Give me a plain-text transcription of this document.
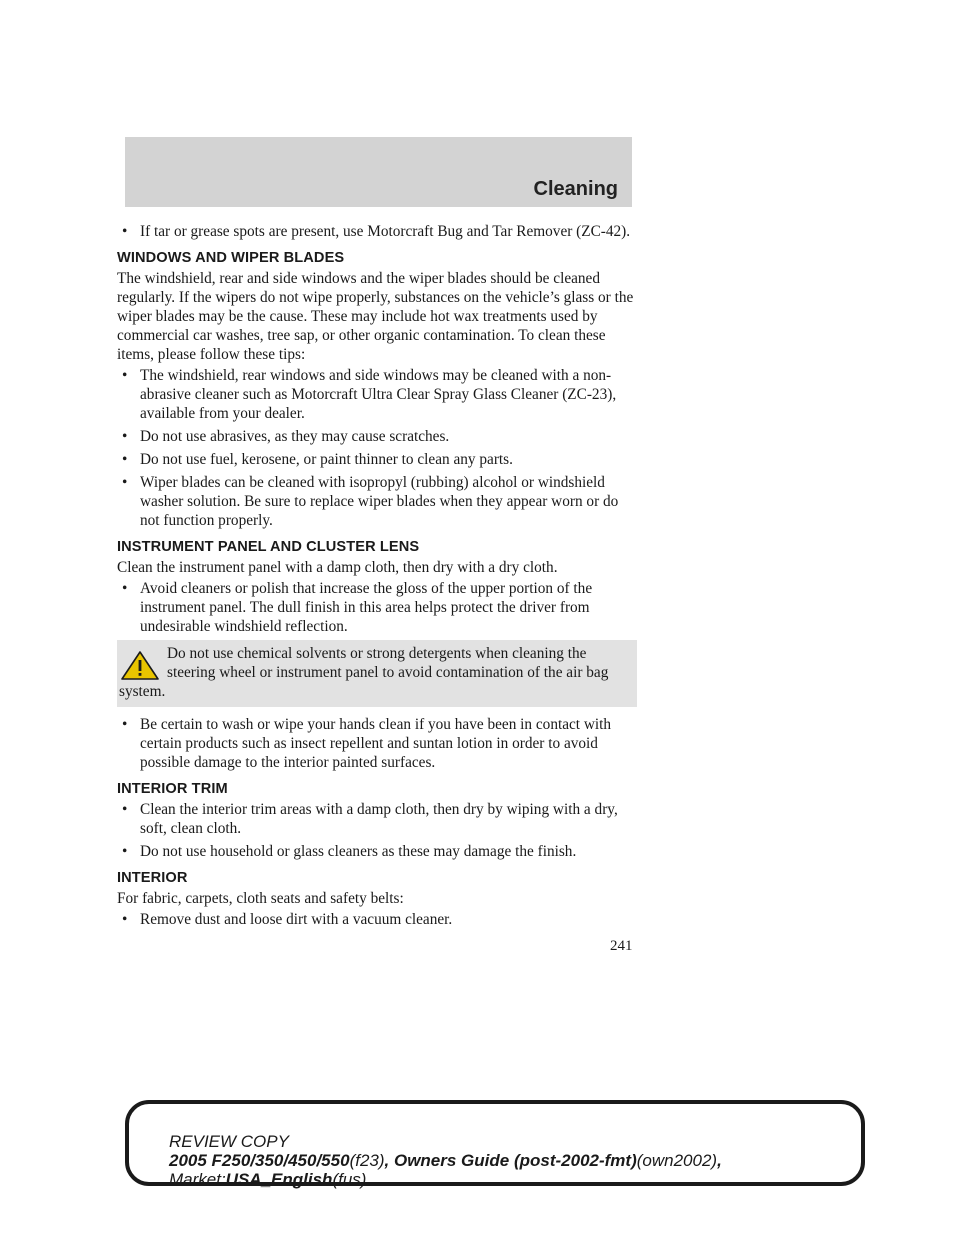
Cleaning
• If tar or grease spots are present, use Motorcraft Bug and Tar Remover (ZC-42).
WINDOWS AND WIPER BLADES

The windshield, rear and side windows and the wiper blades should be cleaned regularly. If the wipers do not wipe properly, substances on the vehicle’s glass or the wiper blades may be the cause. These may include hot wax treatments used by commercial car washes, tree sap, or other organic contamination. To clean these items, please follow these tips:

• The windshield, rear windows and side windows may be cleaned with a non-abrasive cleaner such as Motorcraft Ultra Clear Spray Glass Cleaner (ZC-23), available from your dealer.
• Do not use abrasives, as they may cause scratches.
• Do not use fuel, kerosene, or paint thinner to clean any parts.
• Wiper blades can be cleaned with isopropyl (rubbing) alcohol or windshield washer solution. Be sure to replace wiper blades when they appear worn or do not function properly.
INSTRUMENT PANEL AND CLUSTER LENS

Clean the instrument panel with a damp cloth, then dry with a dry cloth.

• Avoid cleaners or polish that increase the gloss of the upper portion of the instrument panel. The dull finish in this area helps protect the driver from undesirable windshield reflection.
Do not use chemical solvents or strong detergents when cleaning the steering wheel or instrument panel to avoid contamination of the air bag system.
• Be certain to wash or wipe your hands clean if you have been in contact with certain products such as insect repellent and suntan lotion in order to avoid possible damage to the interior painted surfaces.
INTERIOR TRIM
• Clean the interior trim areas with a damp cloth, then dry by wiping with a dry, soft, clean cloth.
• Do not use household or glass cleaners as these may damage the finish.
INTERIOR

For fabric, carpets, cloth seats and safety belts:

• Remove dust and loose dirt with a vacuum cleaner.
241
REVIEW COPY
2005 F250/350/450/550(f23), Owners Guide (post-2002-fmt)(own2002),
Market:USA_English(fus)
